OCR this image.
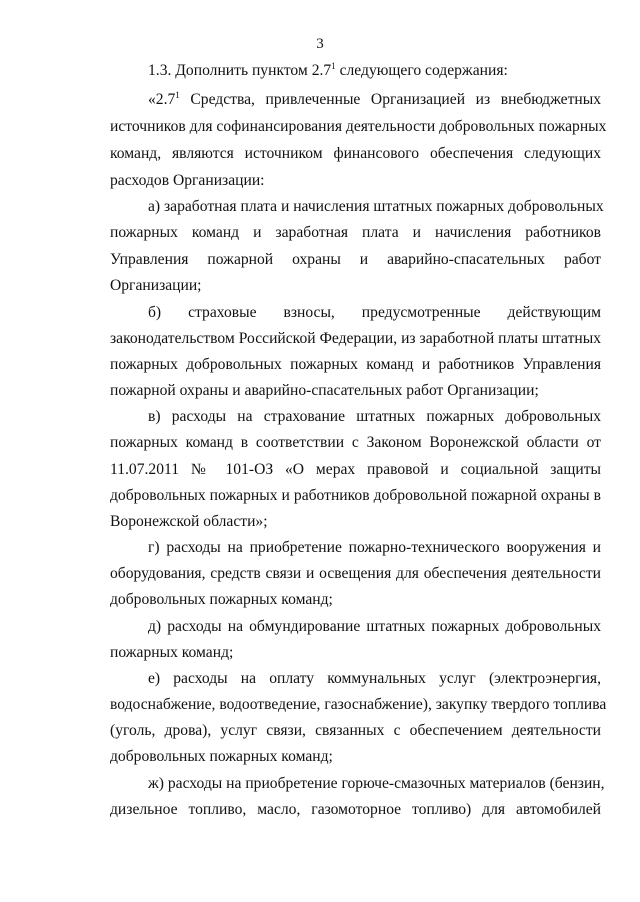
3
1.3. Дополнить пунктом $2.7^1$ следующего содержания:
«$2.7^1$ Средства, привлеченные Организацией из внебюджетных
источников для софинансирования деятельности добровольных пожарных
команд, являются источником финансового обеспечения следующих
расходов Организации:
а) заработная плата и начисления штатных пожарных добровольных
пожарных команд и заработная плата и начисления работников
Управления пожарной охраны и аварийно-спасательных работ
Организации;
б) страховые взносы, предусмотренные действующим
законодательством Российской Федерации, из заработной платы штатных
пожарных добровольных пожарных команд и работников Управления
пожарной охраны и аварийно-спасательных работ Организации;
в) расходы на страхование штатных пожарных добровольных
пожарных команд в соответствии с Законом Воронежской области от
11.07.2011 № 101-ОЗ «О мерах правовой и социальной защиты
добровольных пожарных и работников добровольной пожарной охраны в
Воронежской области»;
г) расходы на приобретение пожарно-технического вооружения и
оборудования, средств связи и освещения для обеспечения деятельности
добровольных пожарных команд;
д) расходы на обмундирование штатных пожарных добровольных
пожарных команд;
е) расходы на оплату коммунальных услуг (электроэнергия,
водоснабжение, водоотведение, газоснабжение), закупку твердого топлива
(уголь, дрова), услуг связи, связанных с обеспечением деятельности
добровольных пожарных команд;
ж) расходы на приобретение горюче-смазочных материалов (бензин,
дизельное топливо, масло, газомоторное топливо) для автомобилей
